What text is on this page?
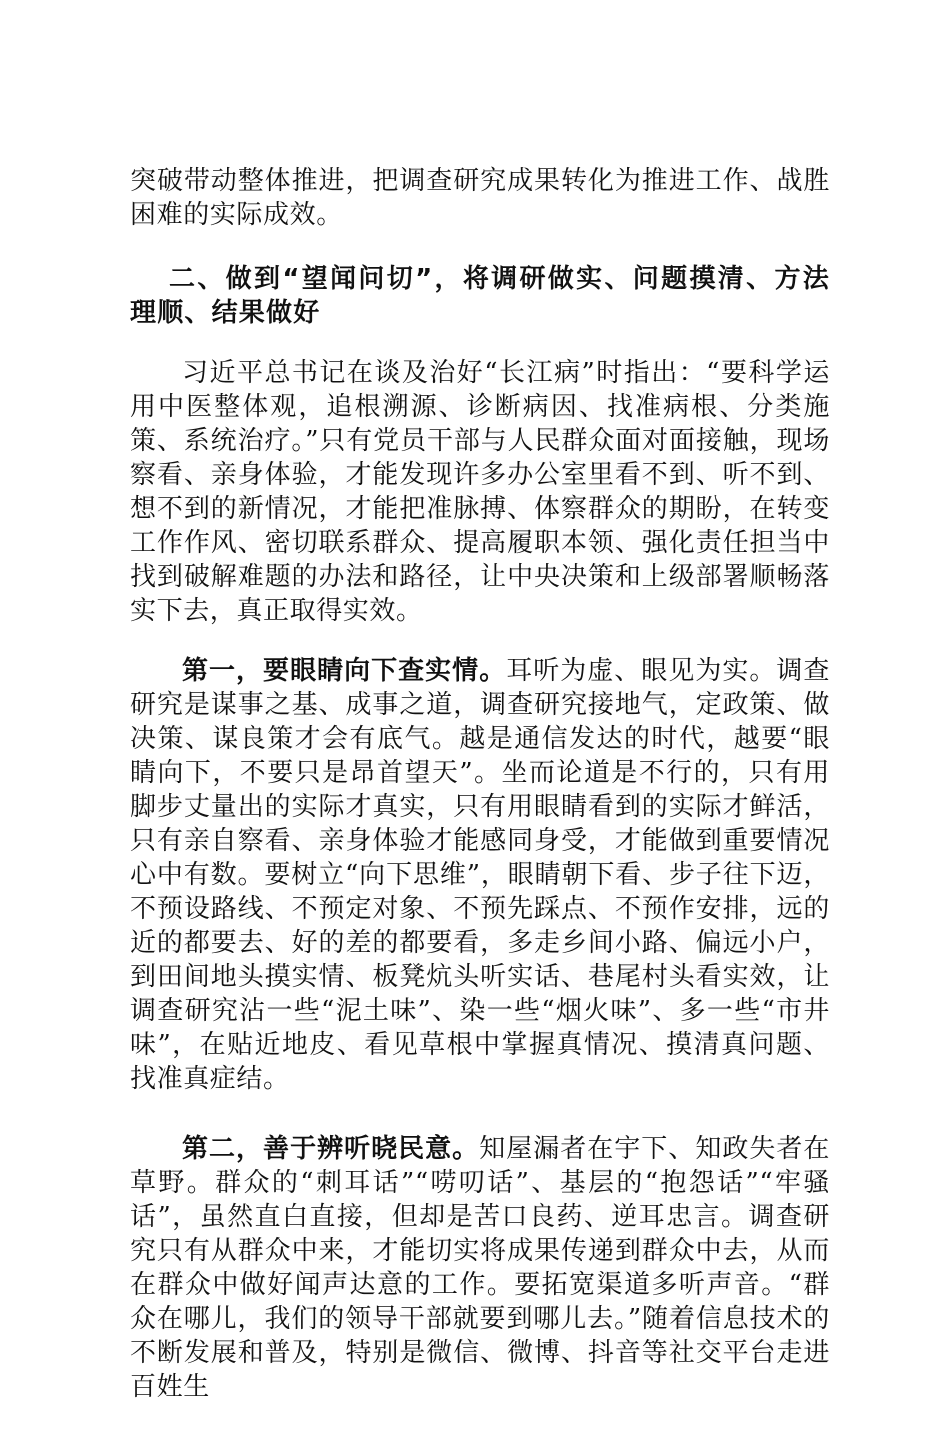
突破带动整体推进，把调查研究成果转化为推进工作、战胜困难的实际成效。

二、做到“望闻问切”，将调研做实、问题摸清、方法理顺、结果做好

习近平总书记在谈及治好“长江病”时指出：“要科学运用中医整体观，追根溯源、诊断病因、找准病根、分类施策、系统治疗。”只有党员干部与人民群众面对面接触，现场察看、亲身体验，才能发现许多办公室里看不到、听不到、想不到的新情况，才能把准脉搏、体察群众的期盼，在转变工作作风、密切联系群众、提高履职本领、强化责任担当中找到破解难题的办法和路径，让中央决策和上级部署顺畅落实下去，真正取得实效。

第一，要眼睛向下查实情。耳听为虚、眼见为实。调查研究是谋事之基、成事之道，调查研究接地气，定政策、做决策、谋良策才会有底气。越是通信发达的时代，越要“眼睛向下，不要只是昂首望天”。坐而论道是不行的，只有用脚步丈量出的实际才真实，只有用眼睛看到的实际才鲜活，只有亲自察看、亲身体验才能感同身受，才能做到重要情况心中有数。要树立“向下思维”，眼睛朝下看、步子往下迈，不预设路线、不预定对象、不预先踩点、不预作安排，远的近的都要去、好的差的都要看，多走乡间小路、偏远小户，到田间地头摸实情、板凳炕头听实话、巷尾村头看实效，让调查研究沾一些“泥土味”、染一些“烟火味”、多一些“市井味”，在贴近地皮、看见草根中掌握真情况、摸清真问题、找准真症结。

第二，善于辨听晓民意。知屋漏者在宇下、知政失者在草野。群众的“刺耳话”“唠叨话”、基层的“抱怨话”“牢骚话”，虽然直白直接，但却是苦口良药、逆耳忠言。调查研究只有从群众中来，才能切实将成果传递到群众中去，从而在群众中做好闻声达意的工作。要拓宽渠道多听声音。“群众在哪儿，我们的领导干部就要到哪儿去。”随着信息技术的不断发展和普及，特别是微信、微博、抖音等社交平台走进百姓生
